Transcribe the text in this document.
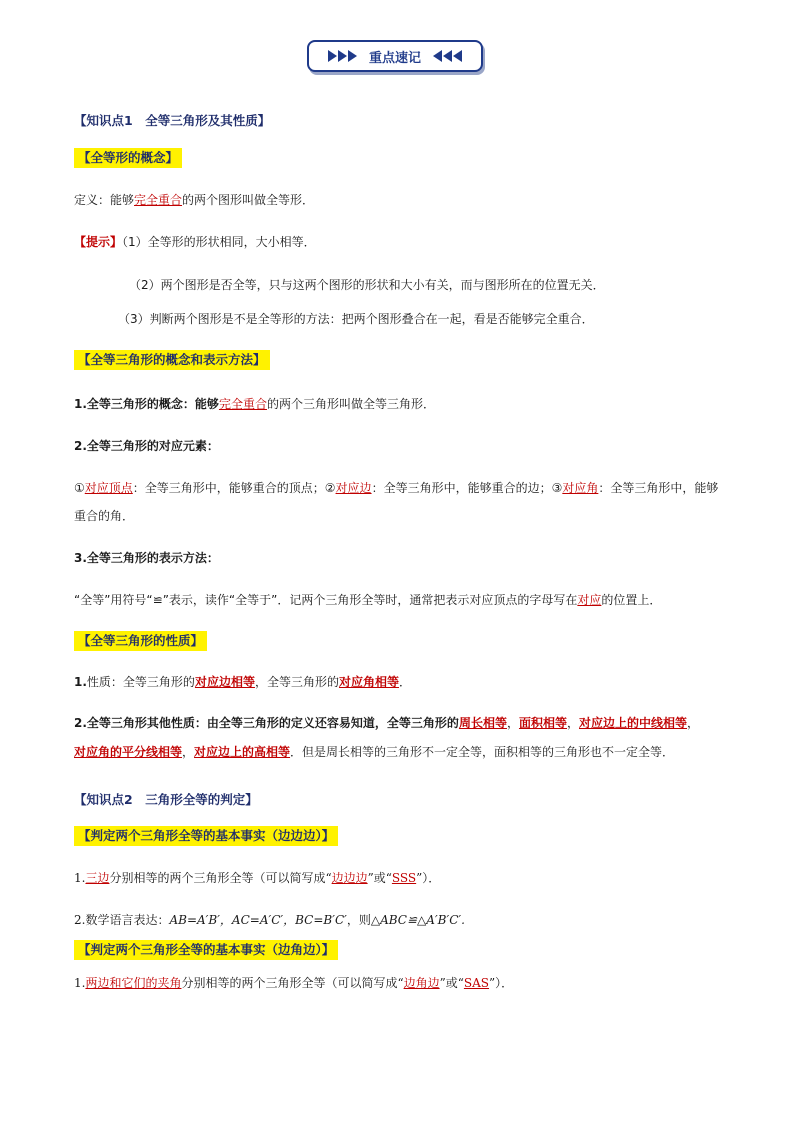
重点速记
【知识点1　全等三角形及其性质】
【全等形的概念】
定义：能够完全重合的两个图形叫做全等形．
【提示】（1）全等形的形状相同，大小相等．
（2）两个图形是否全等，只与这两个图形的形状和大小有关，而与图形所在的位置无关．
（3）判断两个图形是不是全等形的方法：把两个图形叠合在一起，看是否能够完全重合．
【全等三角形的概念和表示方法】
1.全等三角形的概念：能够完全重合的两个三角形叫做全等三角形．
2.全等三角形的对应元素：
①对应顶点：全等三角形中，能够重合的顶点；②对应边：全等三角形中，能够重合的边；③对应角：全等三角形中，能够
重合的角．
3.全等三角形的表示方法：
“全等”用符号“≌”表示，读作“全等于”．记两个三角形全等时，通常把表示对应顶点的字母写在对应的位置上．
【全等三角形的性质】
1.性质：全等三角形的对应边相等，全等三角形的对应角相等．
2.全等三角形其他性质：由全等三角形的定义还容易知道，全等三角形的周长相等，面积相等，对应边上的中线相等，
对应角的平分线相等，对应边上的高相等．但是周长相等的三角形不一定全等，面积相等的三角形也不一定全等．
【知识点2　三角形全等的判定】
【判定两个三角形全等的基本事实（边边边）】
1.三边分别相等的两个三角形全等（可以简写成“边边边”或“SSS”）．
2.数学语言表达：AB=A′B′，AC=A′C′，BC=B′C′，则△ABC≌△A′B′C′.
【判定两个三角形全等的基本事实（边角边）】
1.两边和它们的夹角分别相等的两个三角形全等（可以简写成“边角边”或“SAS”）．
